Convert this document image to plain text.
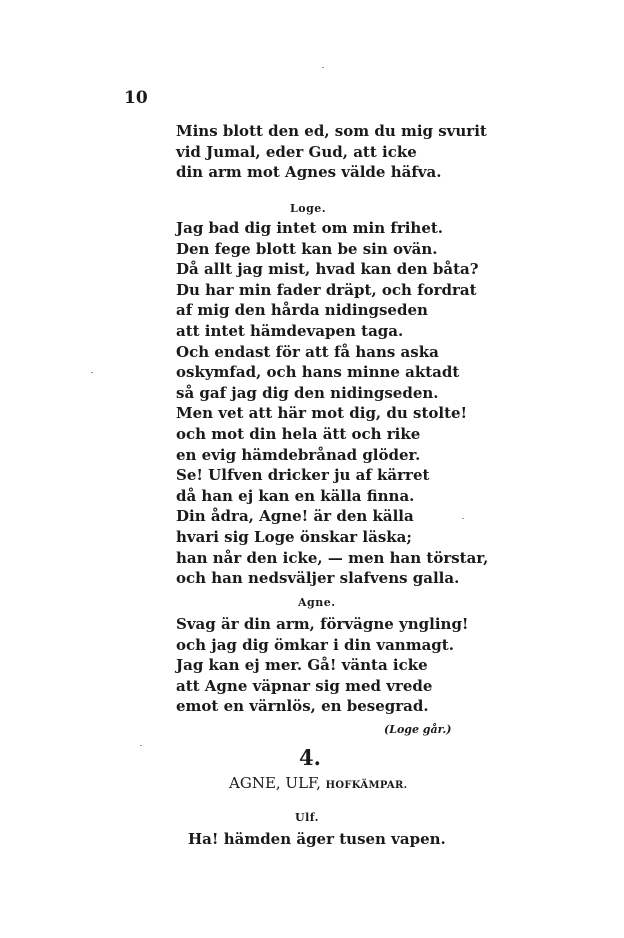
10
Mins blott den ed, som du mig svurit
vid Jumal, eder Gud, att icke
din arm mot Agnes välde häfva.
Loge.
Jag bad dig intet om min frihet.
Den fege blott kan be sin ovän.
Då allt jag mist, hvad kan den båta?
Du har min fader dräpt, och fordrat
af mig den hårda nidingseden
att intet hämdevapen taga.
Och endast för att få hans aska
oskymfad, och hans minne aktadt
så gaf jag dig den nidingseden.
Men vet att här mot dig, du stolte!
och mot din hela ätt och rike
en evig hämdebrånad glöder.
Se! Ulfven dricker ju af kärret
då han ej kan en källa finna.
Din ådra, Agne! är den källa
hvari sig Loge önskar läska;
han når den icke, — men han törstar,
och han nedsväljer slafvens galla.
Agne.
Svag är din arm, förvägne yngling!
och jag dig ömkar i din vanmagt.
Jag kan ej mer. Gå! vänta icke
att Agne väpnar sig med vrede
emot en värnlös, en besegrad.
(Loge går.)
4.
AGNE, ULF, HOFKÄMPAR.
Ulf.
Ha! hämden äger tusen vapen.
